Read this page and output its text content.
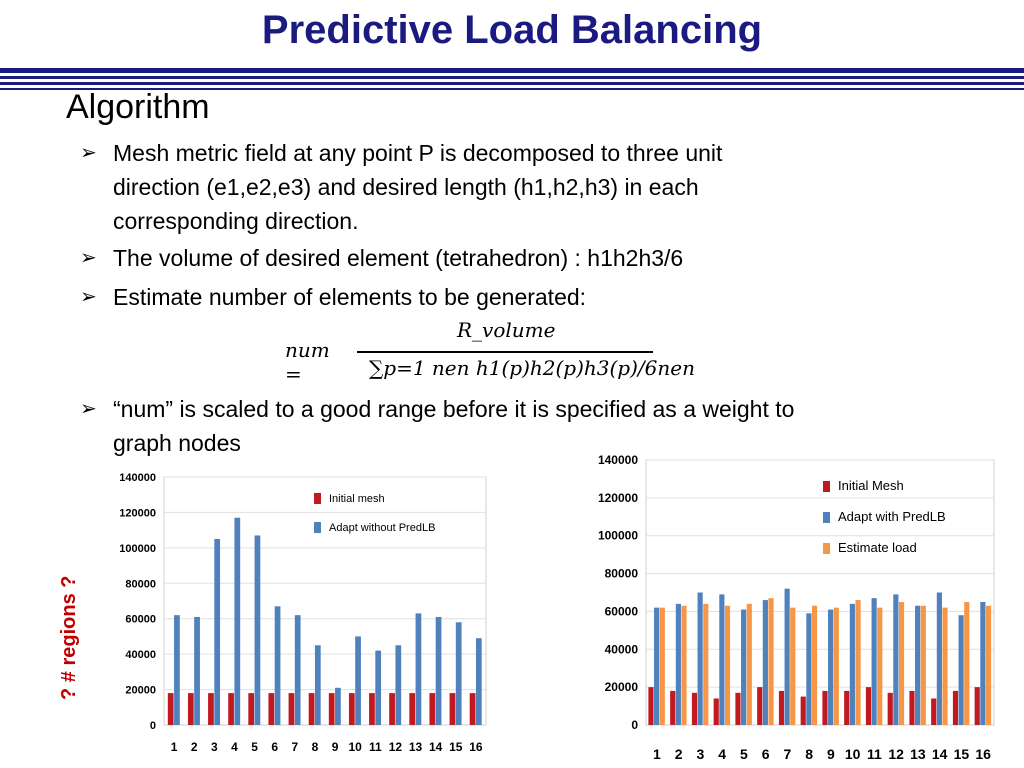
Predictive Load Balancing
Algorithm
➢ Mesh metric field at any point P is decomposed to three unit
direction (e1,e2,e3) and desired length (h1,h2,h3) in each
corresponding direction.
➢ The volume of desired element (tetrahedron) : h1h2h3/6
➢ Estimate number of elements to be generated:
num =
R_volume
∑p=1 nen h1(p)h2(p)h3(p)/6nen
➢ “num” is scaled to a good range before it is specified as a weight to
graph nodes
? # regions ?
0
20000
40000
60000
80000
100000
120000
140000
1 2 3 4 5 6 7 8 9 10 11 12 13 14 15 16
Initial mesh
Adapt without PredLB
0
20000
40000
60000
80000
100000
120000
140000
1 2 3 4 5 6 7 8 9 10 11 12 13 14 15 16
Initial Mesh
Adapt with PredLB
Estimate load
